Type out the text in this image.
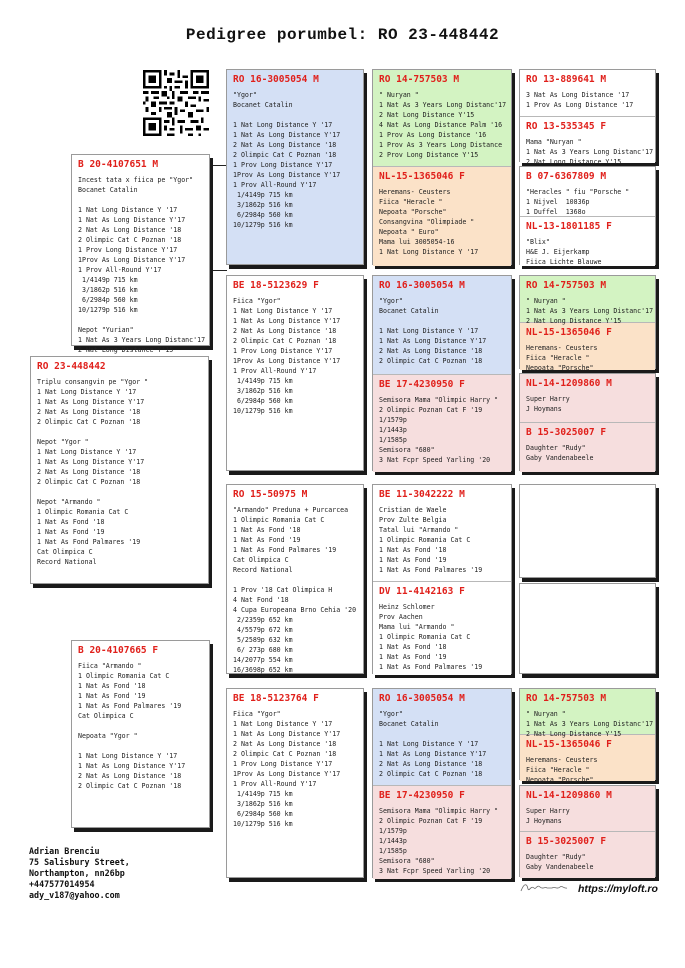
Pedigree porumbel: RO 23-448442
RO 23-448442
Triplu consangvin pe "Ygor "
1 Nat Long Distance Y '17
1 Nat As Long Distance Y'17
2 Nat As Long Distance '18
2 Olimpic Cat C Poznan '18

Nepot "Ygor "
1 Nat Long Distance Y '17
1 Nat As Long Distance Y'17
2 Nat As Long Distance '18
2 Olimpic Cat C Poznan '18

Nepot "Armando "
1 Olimpic Romania Cat C
1 Nat As Fond '18
1 Nat As Fond '19
1 Nat As Fond Palmares '19
Cat Olimpica C
Record National
B 20-4107651 M
Incest tata x fiica pe "Ygor"
Bocanet Catalin

1 Nat Long Distance Y '17
1 Nat As Long Distance Y'17
2 Nat As Long Distance '18
2 Olimpic Cat C Poznan '18
1 Prov Long Distance Y'17
1Prov As Long Distance Y'17
1 Prov All-Round Y'17
1/4149p 715 km
3/1862p 516 km
6/2984p 560 km
10/1279p 516 km

Nepot "Yurian"
1 Nat As 3 Years Long Distanc'17
2 Nat Long Distance Y'15
B 20-4107665 F
Fiica "Armando "
1 Olimpic Romania Cat C
1 Nat As Fond '18
1 Nat As Fond '19
1 Nat As Fond Palmares '19
Cat Olimpica C

Nepoata "Ygor "

1 Nat Long Distance Y '17
1 Nat As Long Distance Y'17
2 Nat As Long Distance '18
2 Olimpic Cat C Poznan '18
RO 16-3005054 M
"Ygor"
Bocanet Catalin

1 Nat Long Distance Y '17
1 Nat As Long Distance Y'17
2 Nat As Long Distance '18
2 Olimpic Cat C Poznan '18
1 Prov Long Distance Y'17
1Prov As Long Distance Y'17
1 Prov All-Round Y'17
1/4149p 715 km
3/1862p 516 km
6/2984p 560 km
10/1279p 516 km
BE 18-5123629 F
Fiica "Ygor"
1 Nat Long Distance Y '17
1 Nat As Long Distance Y'17
2 Nat As Long Distance '18
2 Olimpic Cat C Poznan '18
1 Prov Long Distance Y'17
1Prov As Long Distance Y'17
1 Prov All-Round Y'17
1/4149p 715 km
3/1862p 516 km
6/2984p 560 km
10/1279p 516 km
RO 15-50975 M
"Armando" Preduna + Purcarcea
1 Olimpic Romania Cat C
1 Nat As Fond '18
1 Nat As Fond '19
1 Nat As Fond Palmares '19
Cat Olimpica C
Record National

1 Prov '18 Cat Olimpica H
4 Nat Fond '18
4 Cupa Europeana Brno Cehia '20
2/2359p 652 km
4/5579p 672 km
5/2589p 632 km
6/ 273p 680 km
14/2077p 554 km
16/3698p 652 km
BE 18-5123764 F
Fiica "Ygor"
1 Nat Long Distance Y '17
1 Nat As Long Distance Y'17
2 Nat As Long Distance '18
2 Olimpic Cat C Poznan '18
1 Prov Long Distance Y'17
1Prov As Long Distance Y'17
1 Prov All-Round Y'17
1/4149p 715 km
3/1862p 516 km
6/2984p 560 km
10/1279p 516 km
RO 14-757503 M
" Nuryan "
1 Nat As 3 Years Long Distanc'17
2 Nat Long Distance Y'15
4 Nat As Long Distance Palm '16
1 Prov As Long Distance '16
1 Prov As 3 Years Long Distance
2 Prov Long Distance Y'15
NL-15-1365046 F
Heremans- Ceusters
Fiica "Heracle "
Nepoata "Porsche"
Consangvina "Olimpiade "
Nepoata " Euro"
Mama lui 3005054-16
1 Nat Long Distance Y '17
RO 16-3005054 M
"Ygor"
Bocanet Catalin

1 Nat Long Distance Y '17
1 Nat As Long Distance Y'17
2 Nat As Long Distance '18
2 Olimpic Cat C Poznan '18
BE 17-4230950 F
Semisora Mama "Olimpic Harry "
2 Olimpic Poznan Cat F '19
1/1579p
1/1443p
1/1585p
Semisora "680"
3 Nat Fcpr Speed Yarling '20
BE 11-3042222 M
Cristian de Waele
Prov Zulte Belgia
Tatal lui "Armando "
1 Olimpic Romania Cat C
1 Nat As Fond '18
1 Nat As Fond '19
1 Nat As Fond Palmares '19
DV 11-4142163 F
Heinz Schlomer
Prov Aachen
Mama lui "Armando "
1 Olimpic Romania Cat C
1 Nat As Fond '18
1 Nat As Fond '19
1 Nat As Fond Palmares '19
RO 16-3005054 M
"Ygor"
Bocanet Catalin

1 Nat Long Distance Y '17
1 Nat As Long Distance Y'17
2 Nat As Long Distance '18
2 Olimpic Cat C Poznan '18
BE 17-4230950 F
Semisora Mama "Olimpic Harry "
2 Olimpic Poznan Cat F '19
1/1579p
1/1443p
1/1585p
Semisora "680"
3 Nat Fcpr Speed Yarling '20
RO 13-889641 M
3 Nat As Long Distance '17
1 Prov As Long Distance '17
RO 13-535345 F
Mama "Nuryan "
1 Nat As 3 Years Long Distanc'17
2 Nat Long Distance Y'15
B 07-6367809 M
"Heracles " fiu "Porsche "
1 Nijvel  10836p
1 Duffel  1368o
NL-13-1801185 F
"Blix"
H&E J. Eijerkamp
Fiica Lichte Blauwe
RO 14-757503 M
" Nuryan "
1 Nat As 3 Years Long Distanc'17
2 Nat Long Distance Y'15
NL-15-1365046 F
Heremans- Ceusters
Fiica "Heracle "
Nepoata "Porsche"
NL-14-1209860 M
Super Harry
J Hoymans
B 15-3025007 F
Daughter "Rudy"
Gaby Vandenabeele
RO 14-757503 M
" Nuryan "
1 Nat As 3 Years Long Distanc'17
2 Nat Long Distance Y'15
NL-15-1365046 F
Heremans- Ceusters
Fiica "Heracle "
Nepoata "Porsche"
NL-14-1209860 M
Super Harry
J Hoymans
B 15-3025007 F
Daughter "Rudy"
Gaby Vandenabeele
Adrian Brenciu
75 Salisbury Street,
Northampton, nn26bp
+447577014954
ady_v187@yahoo.com	https://myloft.ro
